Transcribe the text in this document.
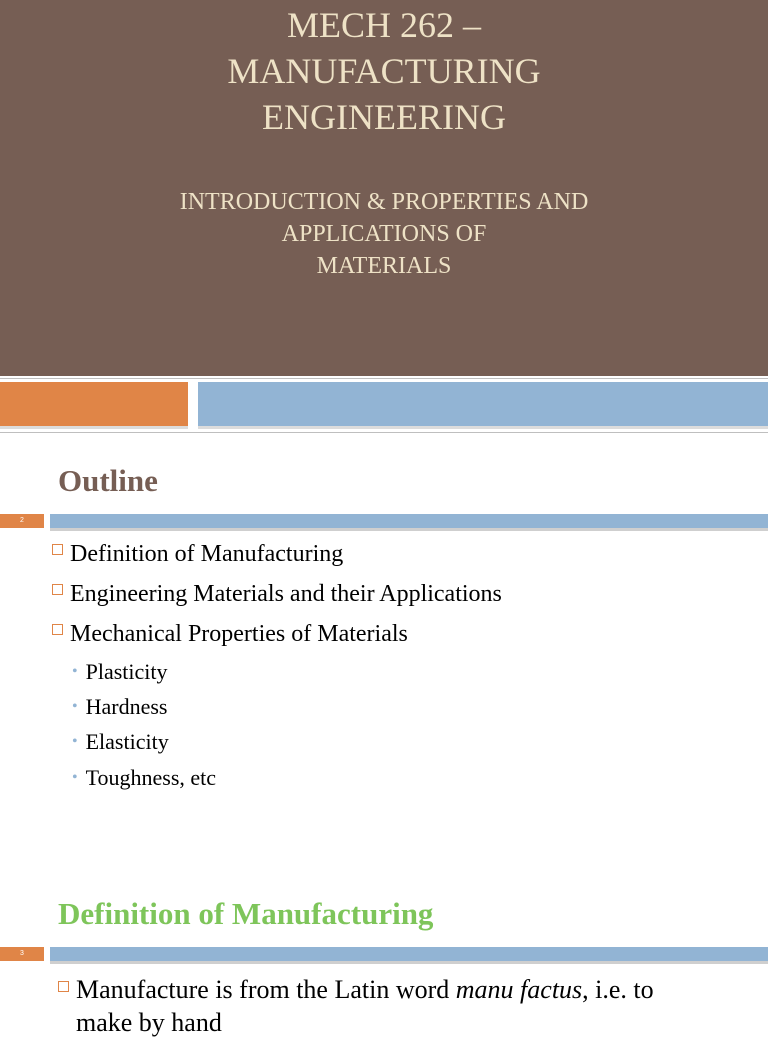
MECH 262 –
MANUFACTURING
ENGINEERING
INTRODUCTION & PROPERTIES AND
APPLICATIONS OF
MATERIALS
Outline
2
Definition of Manufacturing
Engineering Materials and their Applications
Mechanical Properties of Materials
• Plasticity
• Hardness
• Elasticity
• Toughness, etc
Definition of Manufacturing
3
Manufacture is from the Latin word manu factus, i.e. to
make by hand
